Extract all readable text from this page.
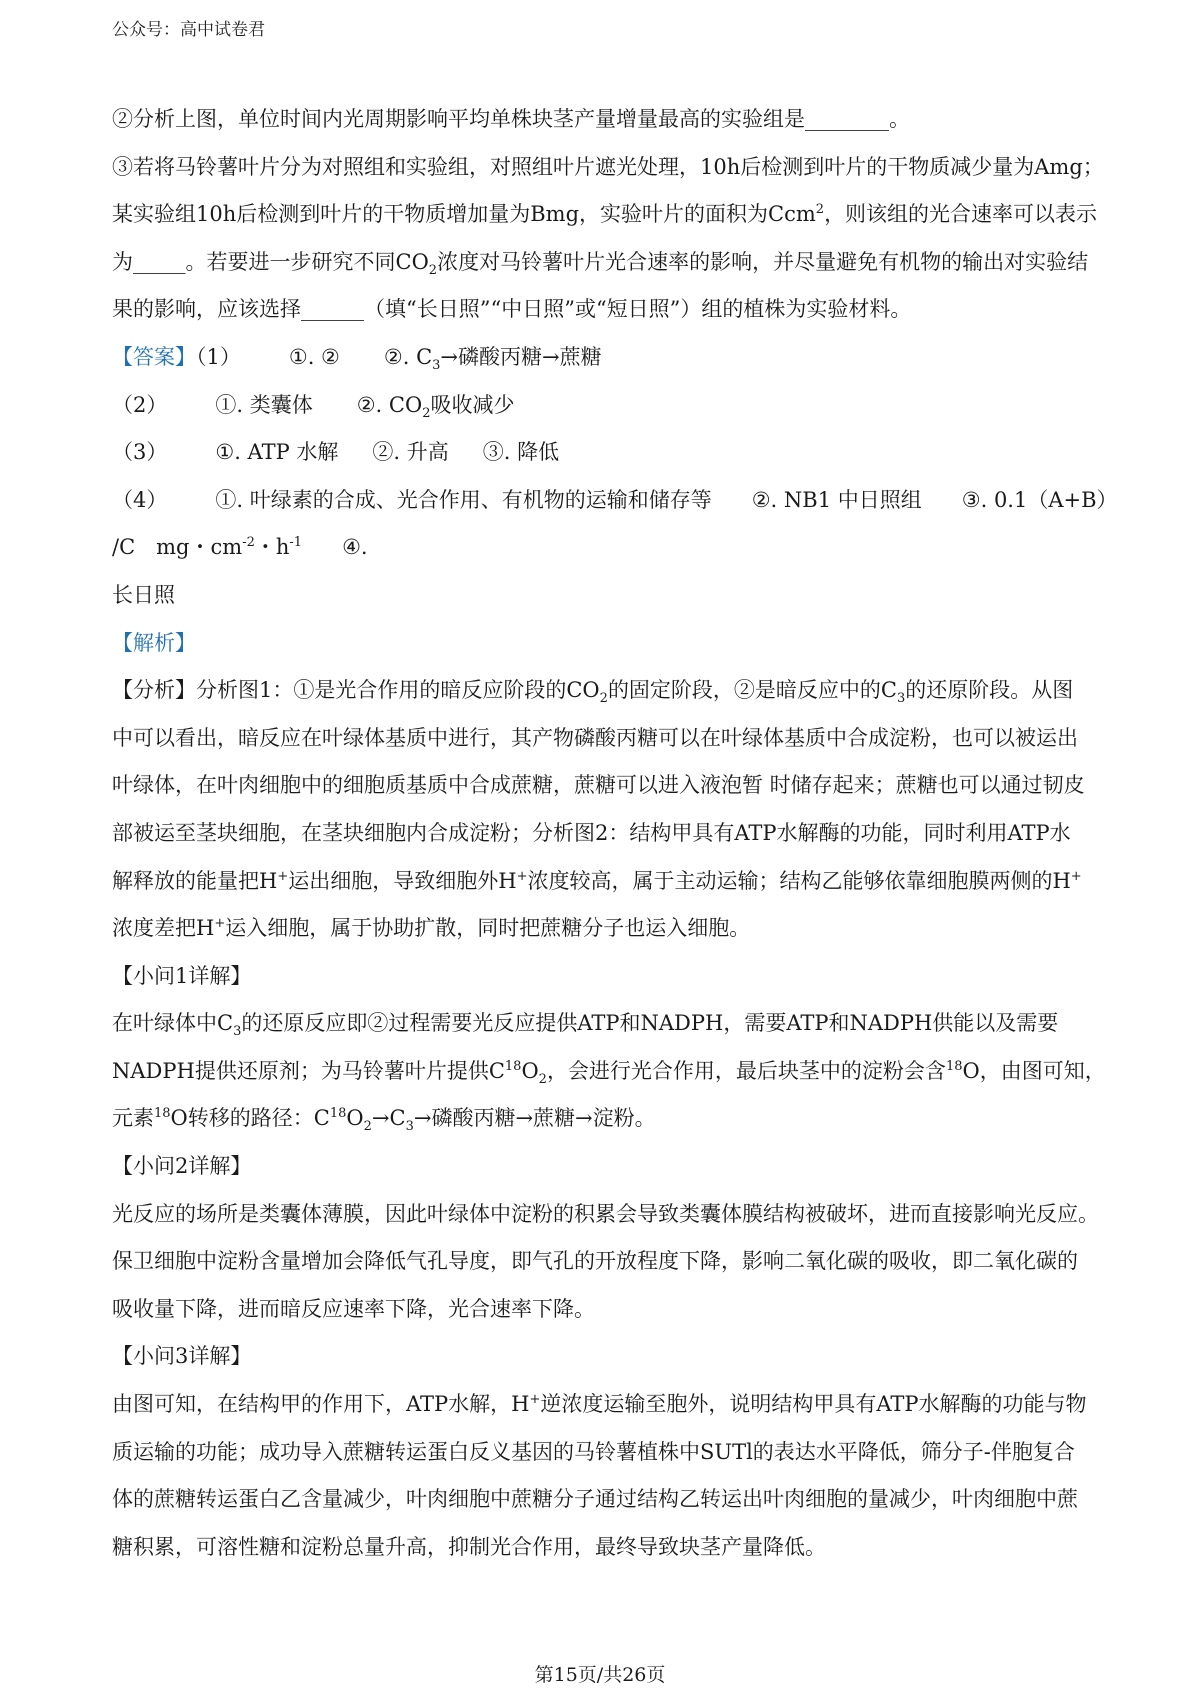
公众号：高中试卷君
②分析上图，单位时间内光周期影响平均单株块茎产量增量最高的实验组是________。
③若将马铃薯叶片分为对照组和实验组，对照组叶片遮光处理，10h后检测到叶片的干物质减少量为Amg；
某实验组10h后检测到叶片的干物质增加量为Bmg，实验叶片的面积为Ccm$^2$，则该组的光合速率可以表示
为_____。若要进一步研究不同$CO_2$浓度对马铃薯叶片光合速率的影响，并尽量避免有机物的输出对实验结
果的影响，应该选择______（填“长日照”“中日照”或“短日照”）组的植株为实验材料。
【答案】（1） ①. ② ②. $C_3\to$磷酸丙糖→蔗糖
（2） ①. 类囊体 ②. $CO_2$吸收减少
（3） ①. ATP 水解 ②. 升高 ③. 降低
（4） ①. 叶绿素的合成、光合作用、有机物的运输和储存等 ②. NB1 中日照组 ③. 0.1（A+B）
/C　mg・$cm^{-2}$・$h^{-1}$ ④.
长日照
【解析】
【分析】分析图1：①是光合作用的暗反应阶段的$CO_2$的固定阶段，②是暗反应中的$C_3$的还原阶段。从图
中可以看出，暗反应在叶绿体基质中进行，其产物磷酸丙糖可以在叶绿体基质中合成淀粉，也可以被运出
叶绿体，在叶肉细胞中的细胞质基质中合成蔗糖，蔗糖可以进入液泡暂 时储存起来；蔗糖也可以通过韧皮
部被运至茎块细胞，在茎块细胞内合成淀粉；分析图2：结构甲具有ATP水解酶的功能，同时利用ATP水
解释放的能量把H+运出细胞，导致细胞外H+浓度较高，属于主动运输；结构乙能够依靠细胞膜两侧的H+
浓度差把H+运入细胞，属于协助扩散，同时把蔗糖分子也运入细胞。
【小问1详解】
在叶绿体中$C_3$的还原反应即②过程需要光反应提供ATP和NADPH，需要ATP和NADPH供能以及需要
NADPH提供还原剂；为马铃薯叶片提供$C^{18}O_2$，会进行光合作用，最后块茎中的淀粉会含$^{18}$O，由图可知，
元素$^{18}$O转移的路径：$C^{18}O_2\to C_3\to$磷酸丙糖→蔗糖→淀粉。
【小问2详解】
光反应的场所是类囊体薄膜，因此叶绿体中淀粉的积累会导致类囊体膜结构被破坏，进而直接影响光反应。
保卫细胞中淀粉含量增加会降低气孔导度，即气孔的开放程度下降，影响二氧化碳的吸收，即二氧化碳的
吸收量下降，进而暗反应速率下降，光合速率下降。
【小问3详解】
由图可知，在结构甲的作用下，ATP水解，H+逆浓度运输至胞外，说明结构甲具有ATP水解酶的功能与物
质运输的功能；成功导入蔗糖转运蛋白反义基因的马铃薯植株中SUTl的表达水平降低，筛分子-伴胞复合
体的蔗糖转运蛋白乙含量减少，叶肉细胞中蔗糖分子通过结构乙转运出叶肉细胞的量减少，叶肉细胞中蔗
糖积累，可溶性糖和淀粉总量升高，抑制光合作用，最终导致块茎产量降低。
第15页/共26页
